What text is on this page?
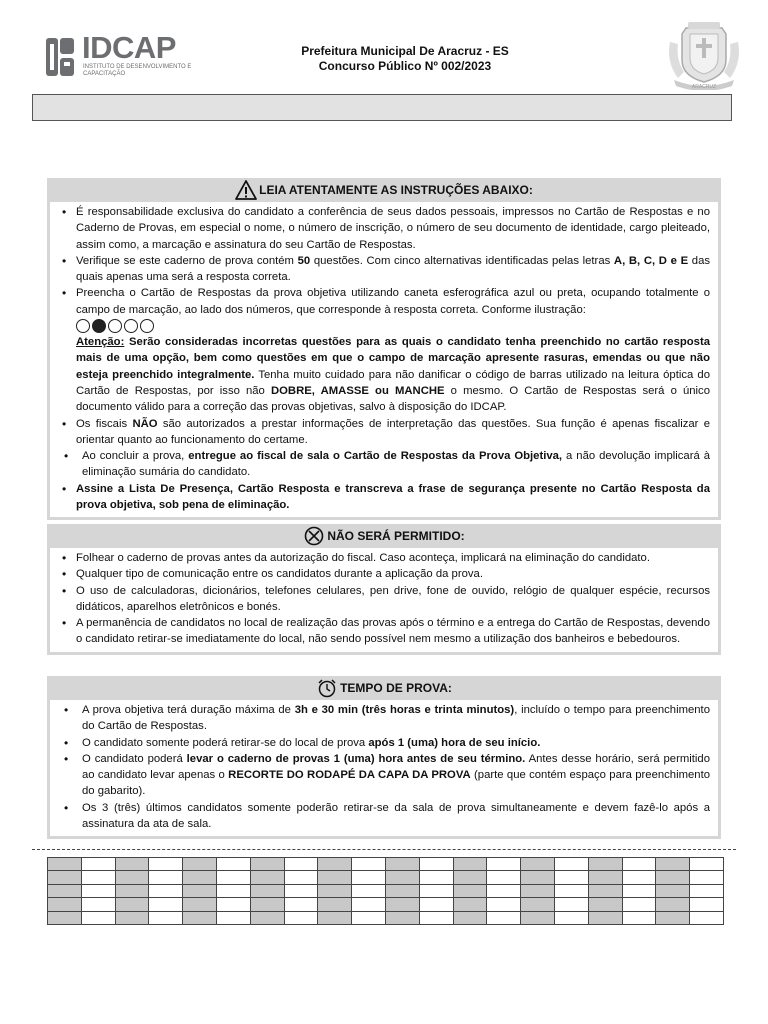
IDCAP
INSTITUTO DE DESENVOLVIMENTO E CAPACITAÇÃO
Prefeitura Municipal De Aracruz - ES
Concurso Público Nº 002/2023
ARACRUZ
LEIA ATENTAMENTE AS INSTRUÇÕES ABAIXO:
• É responsabilidade exclusiva do candidato a conferência de seus dados pessoais, impressos no Cartão de Respostas e no Caderno de Provas, em especial o nome, o número de inscrição, o número de seu documento de identidade, cargo pleiteado, assim como, a marcação e assinatura do seu Cartão de Respostas.
• Verifique se este caderno de prova contém 50 questões. Com cinco alternativas identificadas pelas letras A, B, C, D e E das quais apenas uma será a resposta correta.
• Preencha o Cartão de Respostas da prova objetiva utilizando caneta esferográfica azul ou preta, ocupando totalmente o campo de marcação, ao lado dos números, que corresponde à resposta correta. Conforme ilustração:
Atenção: Serão consideradas incorretas questões para as quais o candidato tenha preenchido no cartão resposta mais de uma opção, bem como questões em que o campo de marcação apresente rasuras, emendas ou que não esteja preenchido integralmente. Tenha muito cuidado para não danificar o código de barras utilizado na leitura óptica do Cartão de Respostas, por isso não DOBRE, AMASSE ou MANCHE o mesmo. O Cartão de Respostas será o único documento válido para a correção das provas objetivas, salvo à disposição do IDCAP.
• Os fiscais NÃO são autorizados a prestar informações de interpretação das questões. Sua função é apenas fiscalizar e orientar quanto ao funcionamento do certame.
• Ao concluir a prova, entregue ao fiscal de sala o Cartão de Respostas da Prova Objetiva, a não devolução implicará à eliminação sumária do candidato.
• Assine a Lista De Presença, Cartão Resposta e transcreva a frase de segurança presente no Cartão Resposta da prova objetiva, sob pena de eliminação.
NÃO SERÁ PERMITIDO:
• Folhear o caderno de provas antes da autorização do fiscal. Caso aconteça, implicará na eliminação do candidato.
• Qualquer tipo de comunicação entre os candidatos durante a aplicação da prova.
• O uso de calculadoras, dicionários, telefones celulares, pen drive, fone de ouvido, relógio de qualquer espécie, recursos didáticos, aparelhos eletrônicos e bonés.
• A permanência de candidatos no local de realização das provas após o término e a entrega do Cartão de Respostas, devendo o candidato retirar-se imediatamente do local, não sendo possível nem mesmo a utilização dos banheiros e bebedouros.
TEMPO DE PROVA:
• A prova objetiva terá duração máxima de 3h e 30 min (três horas e trinta minutos), incluído o tempo para preenchimento do Cartão de Respostas.
• O candidato somente poderá retirar-se do local de prova após 1 (uma) hora de seu início.
• O candidato poderá levar o caderno de provas 1 (uma) hora antes de seu término. Antes desse horário, será permitido ao candidato levar apenas o RECORTE DO RODAPÉ DA CAPA DA PROVA (parte que contém espaço para preenchimento do gabarito).
• Os 3 (três) últimos candidatos somente poderão retirar-se da sala de prova simultaneamente e devem fazê-lo após a assinatura da ata de sala.
